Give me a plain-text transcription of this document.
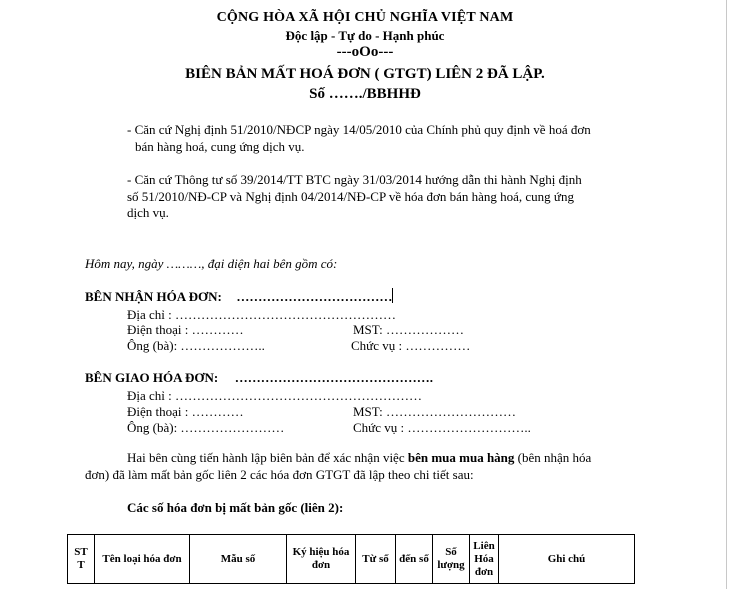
CỘNG HÒA XÃ HỘI CHỦ NGHĨA VIỆT NAM
Độc lập - Tự do - Hạnh phúc
---oOo---
BIÊN BẢN MẤT HOÁ ĐƠN ( GTGT) LIÊN 2 ĐÃ LẬP.
Số ……./BBHHĐ
- Căn cứ Nghị định 51/2010/NĐCP ngày 14/05/2010 của Chính phủ quy định về hoá đơn
bán hàng hoá, cung ứng dịch vụ.
- Căn cứ Thông tư số 39/2014/TT BTC ngày 31/03/2014 hướng dẫn thi hành Nghị định
số 51/2010/NĐ-CP và Nghị định 04/2014/NĐ-CP về hóa đơn bán hàng hoá, cung ứng
dịch vụ.
Hôm nay, ngày ………, đại diện hai bên gồm có:
BÊN NHẬN HÓA ĐƠN: ………………………………
Địa chỉ : ……………………………………………
Điện thoại : …………	MST: ………………
Ông (bà): ………………..	Chức vụ : ……………
BÊN GIAO HÓA ĐƠN: ……………………………………….
Địa chỉ : …………………………………………………
Điện thoại : …………	MST: …………………………
Ông (bà): ……………………	Chức vụ : ………………………..
Hai bên cùng tiến hành lập biên bản để xác nhận việc bên mua mua hàng (bên nhận hóa
đơn) đã làm mất bản gốc liên 2 các hóa đơn GTGT đã lập theo chi tiết sau:
Các số hóa đơn bị mất bản gốc (liên 2):
ST T	Tên loại hóa đơn	Mẫu số	Ký hiệu hóa đơn	Từ số	đến số	Số lượng	Liên Hóa đơn	Ghi chú
